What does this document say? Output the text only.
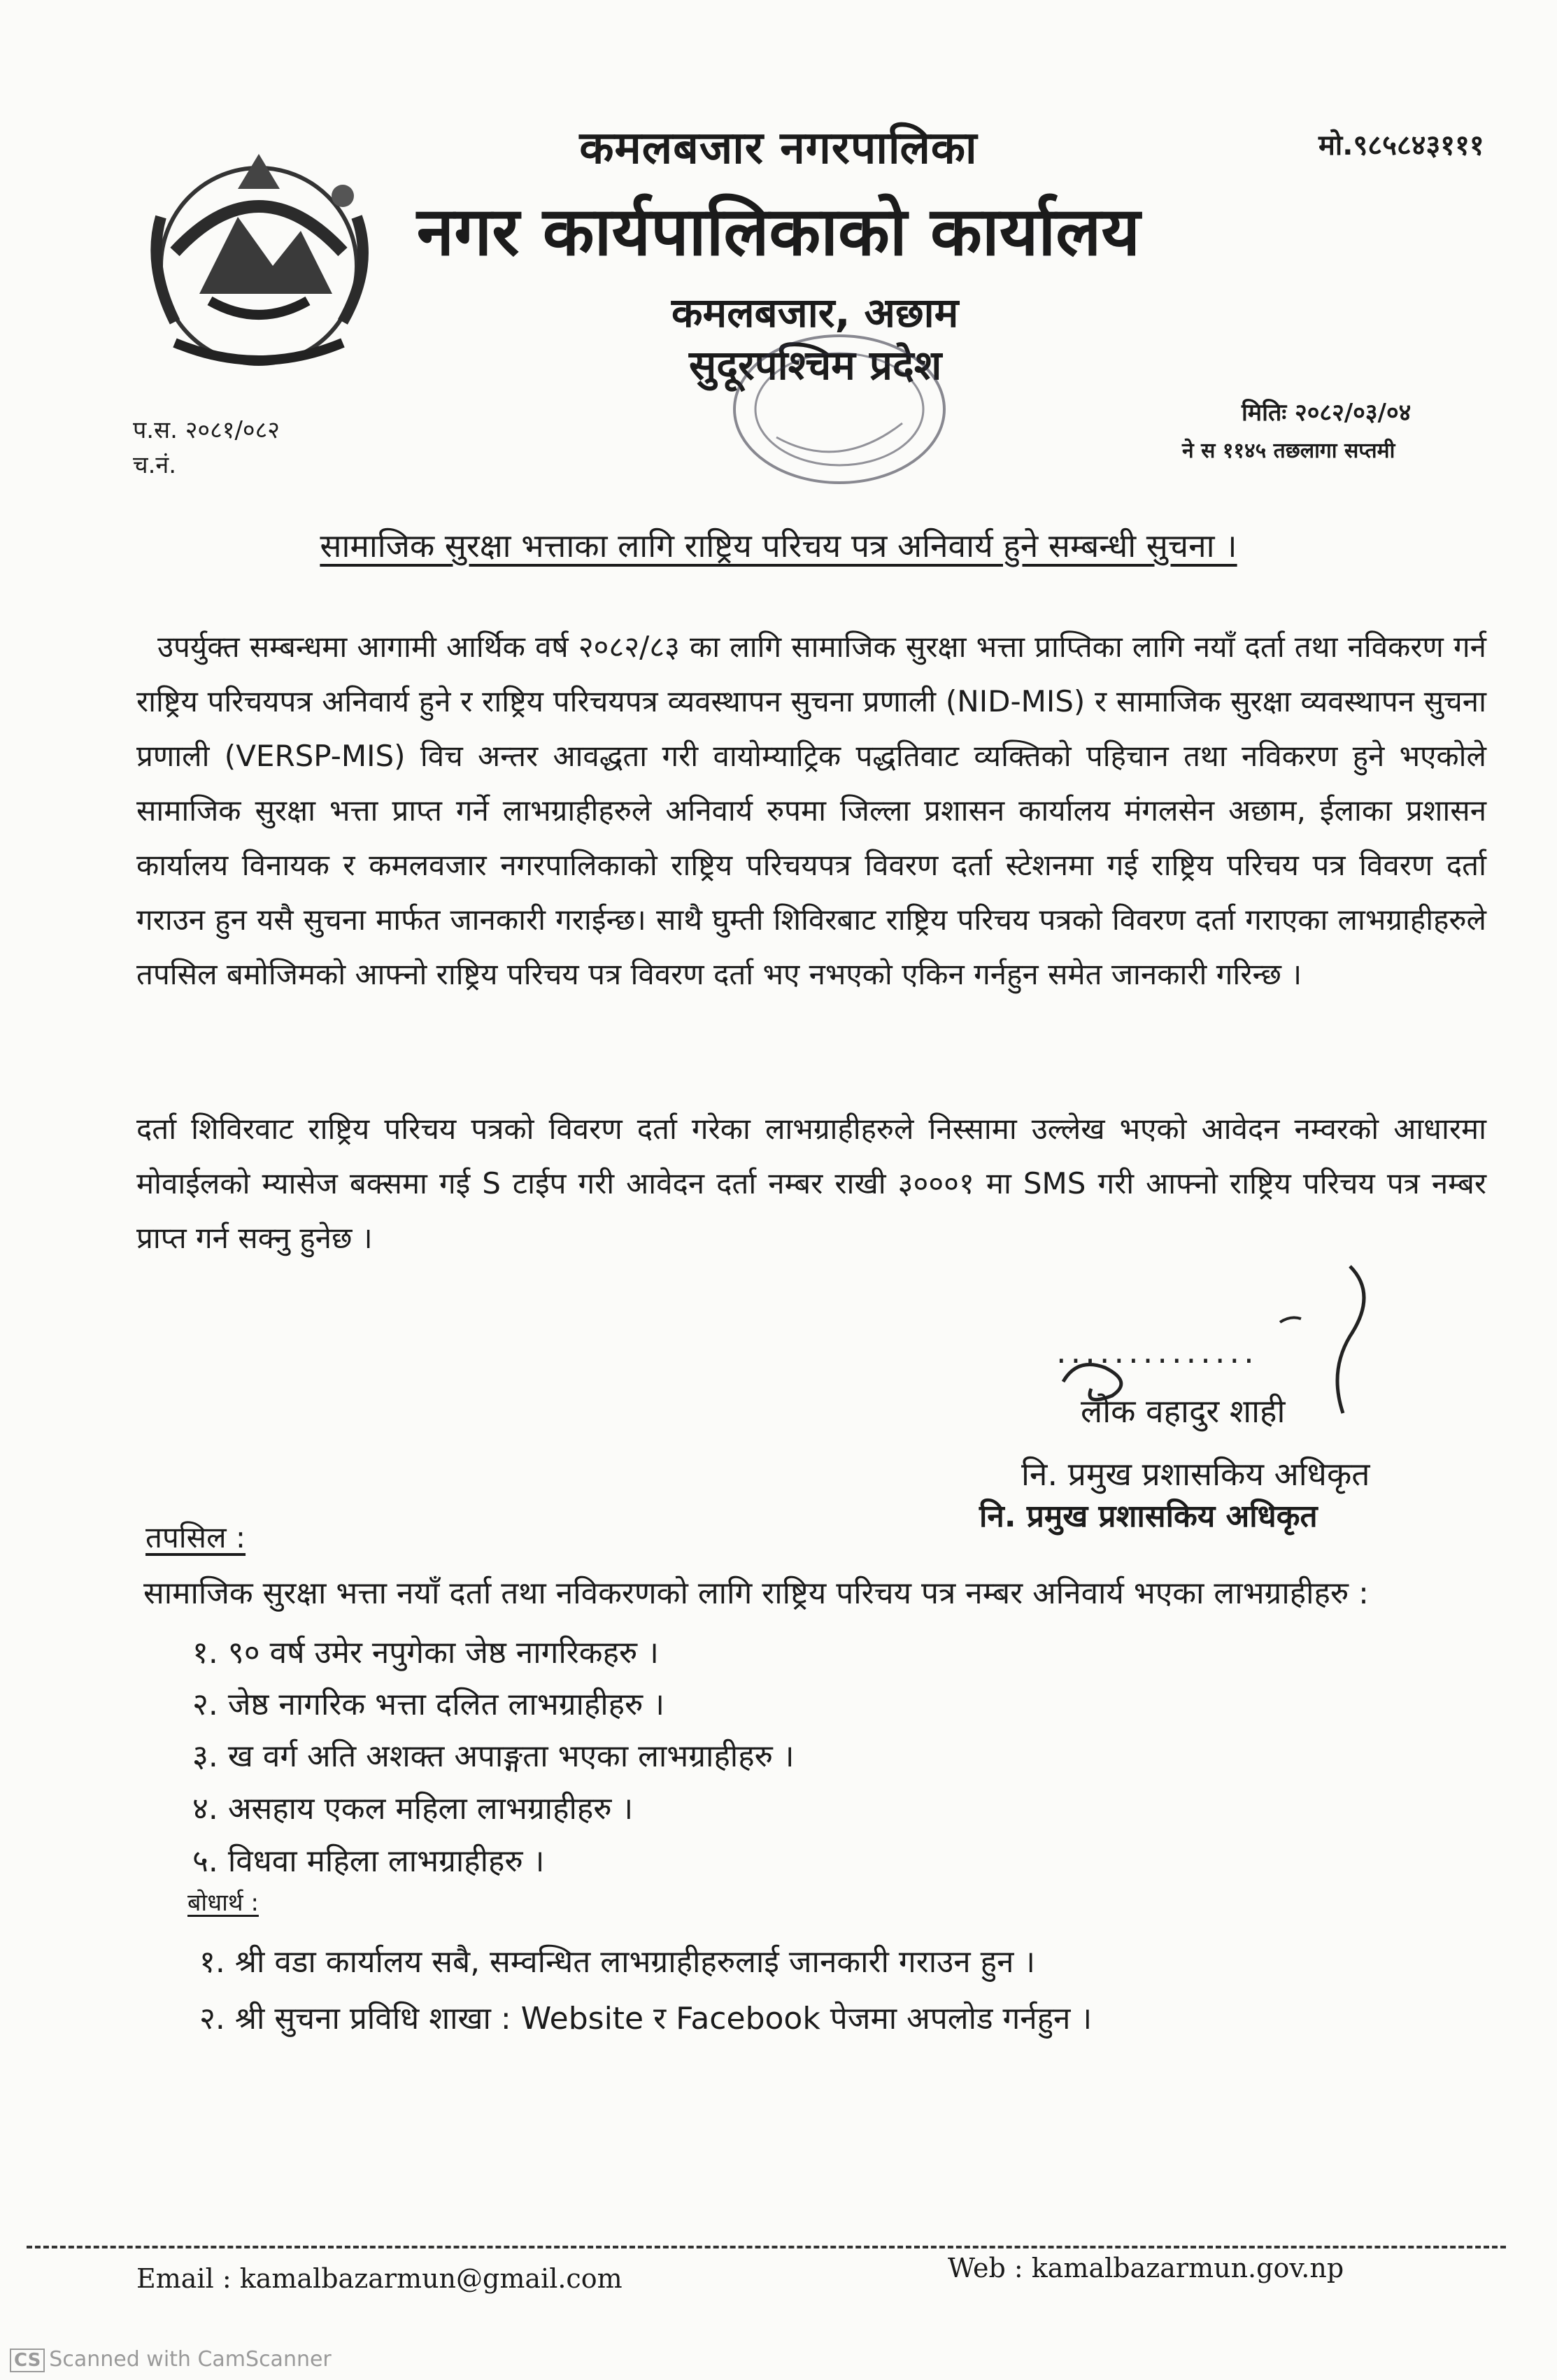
मो.९८५८४३१११
कमलबजार नगरपालिका
नगर कार्यपालिकाको कार्यालय
कमलबजार, अछाम
सुदूरपश्चिम प्रदेश
प.स. २०८१/०८२
च.नं.
मितिः २०८२/०३/०४
ने स ११४५ तछलागा सप्तमी
सामाजिक सुरक्षा भत्ताका लागि राष्ट्रिय परिचय पत्र अनिवार्य हुने सम्बन्धी सुचना ।
उपर्युक्त सम्बन्धमा आगामी आर्थिक वर्ष २०८२/८३ का लागि सामाजिक सुरक्षा भत्ता प्राप्तिका लागि नयाँ दर्ता तथा नविकरण गर्न राष्ट्रिय परिचयपत्र अनिवार्य हुने र राष्ट्रिय परिचयपत्र व्यवस्थापन सुचना प्रणाली (NID-MIS) र सामाजिक सुरक्षा व्यवस्थापन सुचना प्रणाली (VERSP-MIS) विच अन्तर आवद्धता गरी वायोम्याट्रिक पद्धतिवाट व्यक्तिको पहिचान तथा नविकरण हुने भएकोले सामाजिक सुरक्षा भत्ता प्राप्त गर्ने लाभग्राहीहरुले अनिवार्य रुपमा जिल्ला प्रशासन कार्यालय मंगलसेन अछाम, ईलाका प्रशासन कार्यालय विनायक र कमलवजार नगरपालिकाको राष्ट्रिय परिचयपत्र विवरण दर्ता स्टेशनमा गई राष्ट्रिय परिचय पत्र विवरण दर्ता गराउन हुन यसै सुचना मार्फत जानकारी गराईन्छ। साथै घुम्ती शिविरबाट राष्ट्रिय परिचय पत्रको विवरण दर्ता गराएका लाभग्राहीहरुले तपसिल बमोजिमको आफ्नो राष्ट्रिय परिचय पत्र विवरण दर्ता भए नभएको एकिन गर्नहुन समेत जानकारी गरिन्छ ।
दर्ता शिविरवाट राष्ट्रिय परिचय पत्रको विवरण दर्ता गरेका लाभग्राहीहरुले निस्सामा उल्लेख भएको आवेदन नम्वरको आधारमा मोवाईलको म्यासेज बक्समा गई S टाईप गरी आवेदन दर्ता नम्बर राखी ३०००१ मा SMS गरी आफ्नो राष्ट्रिय परिचय पत्र नम्बर प्राप्त गर्न सक्नु हुनेछ ।
..............
लोक वहादुर शाही
नि. प्रमुख प्रशासकिय अधिकृत
नि. प्रमुख प्रशासकिय अधिकृत
तपसिल :
सामाजिक सुरक्षा भत्ता नयाँ दर्ता तथा नविकरणको लागि राष्ट्रिय परिचय पत्र नम्बर अनिवार्य भएका लाभग्राहीहरु :
१. ९० वर्ष उमेर नपुगेका जेष्ठ नागरिकहरु ।
२. जेष्ठ नागरिक भत्ता दलित लाभग्राहीहरु ।
३. ख वर्ग अति अशक्त अपाङ्गता भएका लाभग्राहीहरु ।
४. असहाय एकल महिला लाभग्राहीहरु ।
५. विधवा महिला लाभग्राहीहरु ।
बोधार्थ :
१. श्री वडा कार्यालय सबै, सम्वन्धित लाभग्राहीहरुलाई जानकारी गराउन हुन ।
२. श्री सुचना प्रविधि शाखा : Website र Facebook पेजमा अपलोड गर्नहुन ।
Email : kamalbazarmun@gmail.com	Web : kamalbazarmun.gov.np
CS Scanned with CamScanner
